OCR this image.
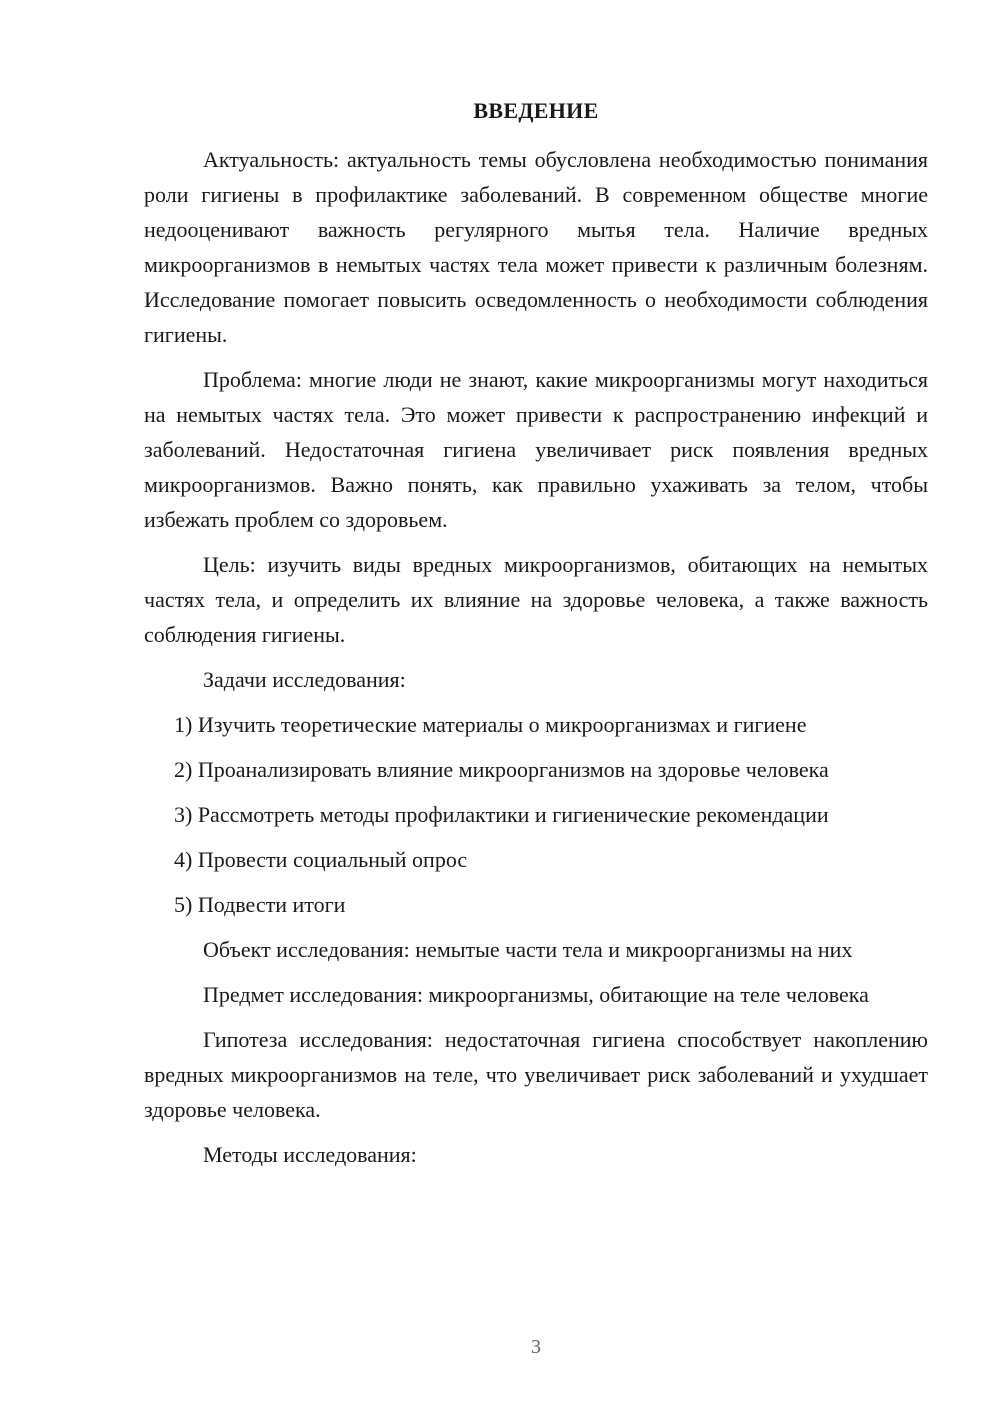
ВВЕДЕНИЕ

Актуальность: актуальность темы обусловлена необходимостью понимания роли гигиены в профилактике заболеваний. В современном обществе многие недооценивают важность регулярного мытья тела. Наличие вредных микроорганизмов в немытых частях тела может привести к различным болезням. Исследование помогает повысить осведомленность о необходимости соблюдения гигиены.

Проблема: многие люди не знают, какие микроорганизмы могут находиться на немытых частях тела. Это может привести к распространению инфекций и заболеваний. Недостаточная гигиена увеличивает риск появления вредных микроорганизмов. Важно понять, как правильно ухаживать за телом, чтобы избежать проблем со здоровьем.

Цель: изучить виды вредных микроорганизмов, обитающих на немытых частях тела, и определить их влияние на здоровье человека, а также важность соблюдения гигиены.

Задачи исследования:

1) Изучить теоретические материалы о микроорганизмах и гигиене

2) Проанализировать влияние микроорганизмов на здоровье человека

3) Рассмотреть методы профилактики и гигиенические рекомендации

4) Провести социальный опрос

5) Подвести итоги

Объект исследования: немытые части тела и микроорганизмы на них

Предмет исследования: микроорганизмы, обитающие на теле человека

Гипотеза исследования: недостаточная гигиена способствует накоплению вредных микроорганизмов на теле, что увеличивает риск заболеваний и ухудшает здоровье человека.

Методы исследования:

3
